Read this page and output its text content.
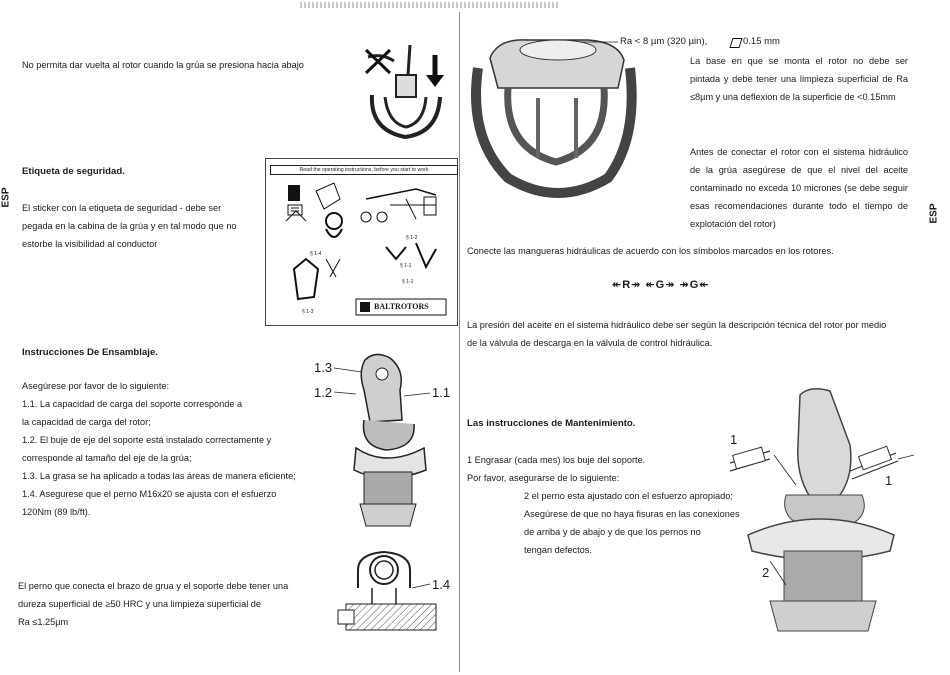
ESP
ESP
No permita dar vuelta al rotor cuando la grúa se presiona hacia abajo
Etiqueta de seguridad.
El sticker con la etiqueta de seguridad - debe ser pegada en la cabina de la grúa y en tal modo que no estorbe la visibilidad al conductor
Read the operating instructions, before you start to work
§ 1-4
§ 1-2
§ 1-1
§ 1-3
§ 1-1
BALTROTORS
Instrucciones De Ensamblaje.
Asegúrese por favor de lo siguiente:
1.1. La capacidad de carga del soporte corresponde a
la capacidad de carga del rotor;
1.2. El buje de eje del soporte está instalado correctamente y
corresponde al tamaño del eje de la grúa;
1.3. La grasa se ha aplicado a todas las áreas de manera eficiente;
1.4. Asegurese que el perno M16x20 se ajusta con el esfuerzo
120Nm (89 lb/ft).
1.3
1.2	1.1
1.4
El perno que conecta el brazo de grua y el soporte debe tener una
dureza superficial de ≥50 HRC y una limpieza superficial de
Ra ≤1.25µm
Ra < 8 µm (320 µin),	0.15 mm
La base en que se monta el rotor no debe ser pintada y debe tener una limpieza superficial de Ra ≤8µm y una deflexion de la superficie de <0.15mm
Antes de conectar el rotor con el sistema hidráulico de la grúa asegúrese de que el nivel del aceite contaminado no exceda 10 micrones (se debe seguir esas recomendaciones durante todo el tiempo de explotación del rotor)
Conecte las mangueras hidráulicas de acuerdo con los símbolos marcados en los rotores.
↞R↠ ↞G↠ ↠G↞
La presión del aceite en el sistema hidráulico debe ser según la descripción técnica del rotor por medio de la válvula de descarga en la válvula de control hidráulica.
Las instrucciones de Mantenimiento.
1 Engrasar (cada mes) los buje del soporte.
Por favor, asegurarse de lo siguiente:
2 el perno esta ajustado con el esfuerzo apropiado;
Asegúrese de que no haya fisuras en las conexiones
de arriba y de abajo y de que los pernos no
tengan defectos.
1
1
2
